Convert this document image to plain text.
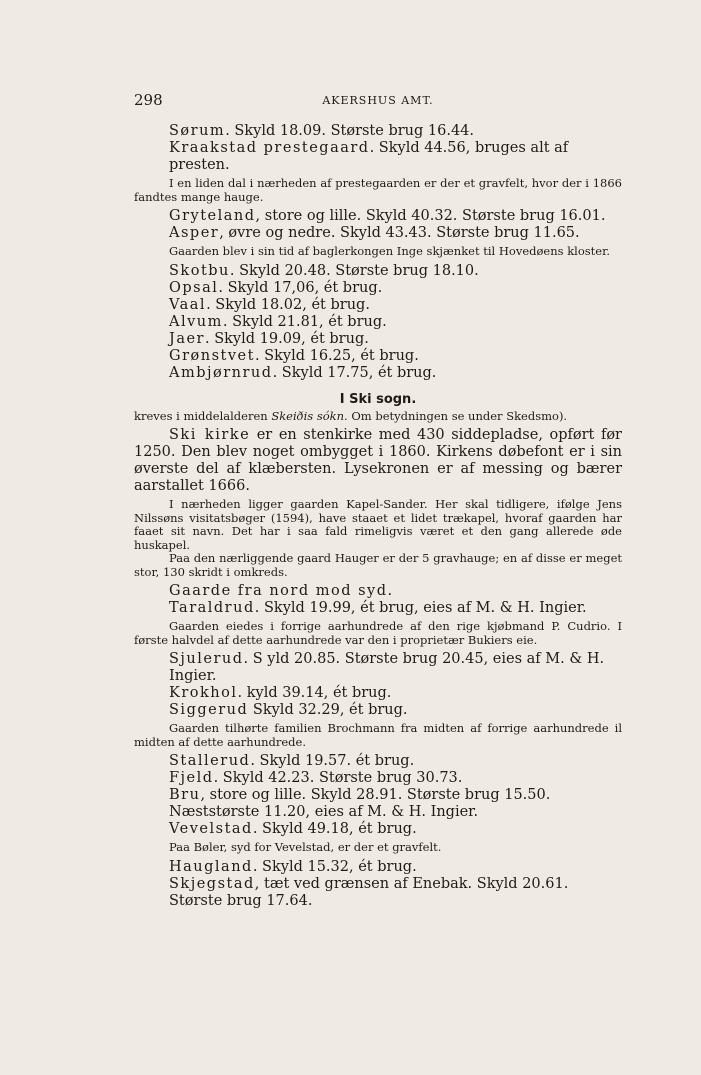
298	AKERSHUS AMT.
Sørum. Skyld 18.09. Største brug 16.44.
Kraakstad prestegaard. Skyld 44.56, bruges alt af presten.
I en liden dal i nærheden af prestegaarden er der et gravfelt, hvor der i 1866 fandtes mange hauge.
Gryteland, store og lille. Skyld 40.32. Største brug 16.01.
Asper, øvre og nedre. Skyld 43.43. Største brug 11.65.
Gaarden blev i sin tid af baglerkongen Inge skjænket til Hovedøens kloster.
Skotbu. Skyld 20.48. Største brug 18.10.
Opsal. Skyld 17,06, ét brug.
Vaal. Skyld 18.02, ét brug.
Alvum. Skyld 21.81, ét brug.
Jaer. Skyld 19.09, ét brug.
Grønstvet. Skyld 16.25, ét brug.
Ambjørnrud. Skyld 17.75, ét brug.
I Ski sogn.
kreves i middelalderen Skeiðis sókn. Om betydningen se under Skedsmo).
Ski kirke er en stenkirke med 430 siddepladse, opført før 1250. Den blev noget ombygget i 1860. Kirkens døbefont er i sin øverste del af klæbersten. Lysekronen er af messing og bærer aarstallet 1666.
I nærheden ligger gaarden Kapel-Sander. Her skal tidligere, ifølge Jens Nilssøns visitatsbøger (1594), have staaet et lidet trækapel, hvoraf gaarden har faaet sit navn. Det har i saa fald rimeligvis været et den gang allerede øde huskapel.
Paa den nærliggende gaard Hauger er der 5 gravhauge; en af disse er meget stor, 130 skridt i omkreds.
Gaarde fra nord mod syd.
Taraldrud. Skyld 19.99, ét brug, eies af M. & H. Ingier.
Gaarden eiedes i forrige aarhundrede af den rige kjøbmand P. Cudrio. I første halvdel af dette aarhundrede var den i proprietær Bukiers eie.
Sjulerud. S yld 20.85. Største brug 20.45, eies af M. & H. Ingier.
Krokhol. kyld 39.14, ét brug.
Siggerud Skyld 32.29, ét brug.
Gaarden tilhørte familien Brochmann fra midten af forrige aarhundrede il midten af dette aarhundrede.
Stallerud. Skyld 19.57. ét brug.
Fjeld. Skyld 42.23. Største brug 30.73.
Bru, store og lille. Skyld 28.91. Største brug 15.50. Næststørste 11.20, eies af M. & H. Ingier.
Vevelstad. Skyld 49.18, ét brug.
Paa Bøler, syd for Vevelstad, er der et gravfelt.
Haugland. Skyld 15.32, ét brug.
Skjegstad, tæt ved grænsen af Enebak. Skyld 20.61. Største brug 17.64.
